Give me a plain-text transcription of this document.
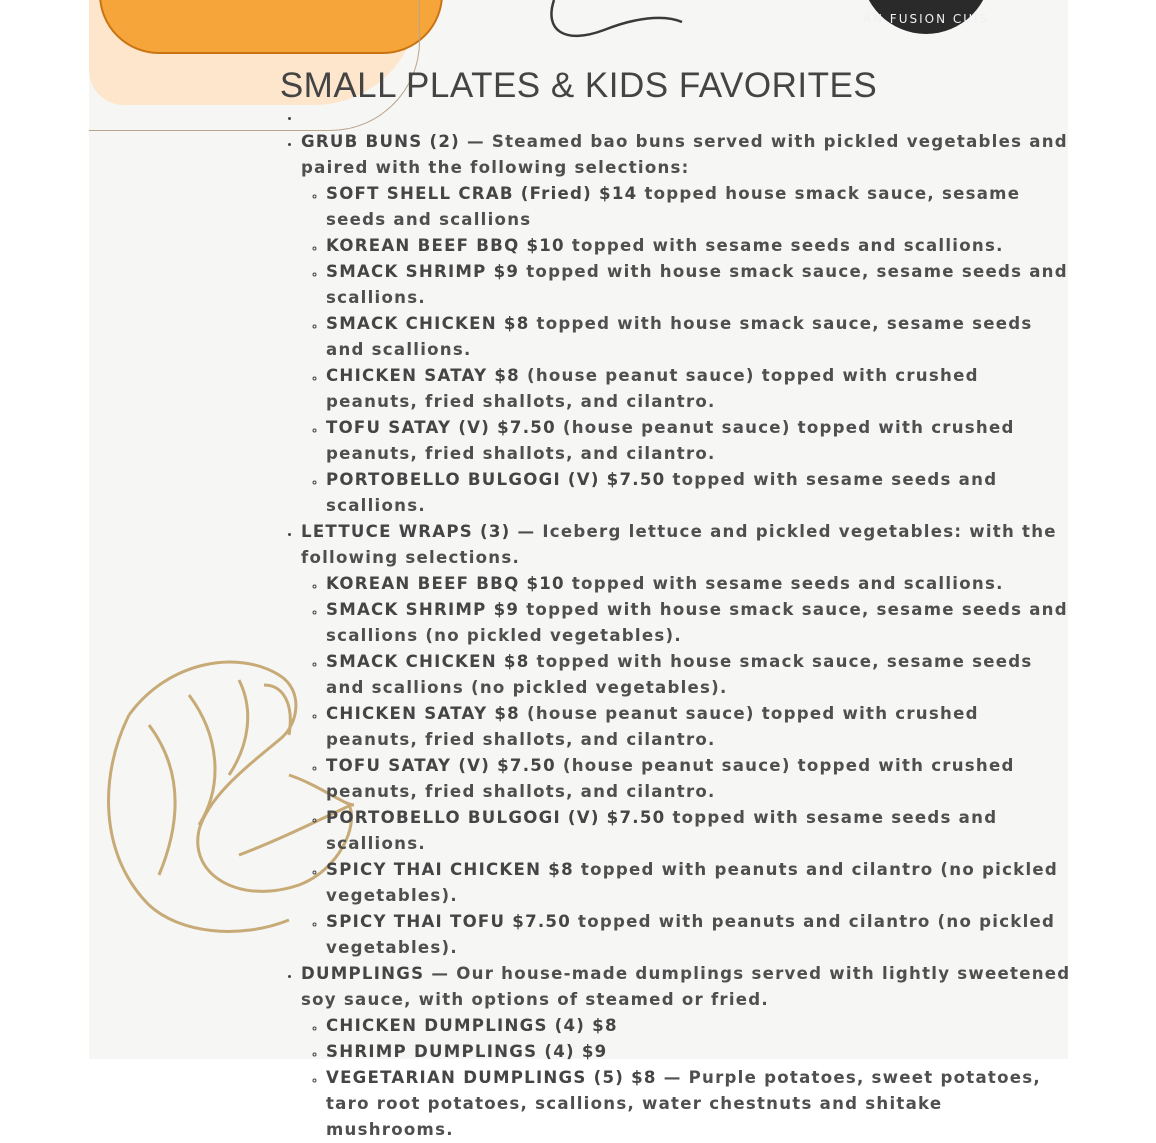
AN FUSION CUIS
SMALL PLATES & KIDS FAVORITES
•
• GRUB BUNS (2) — Steamed bao buns served with pickled vegetables and paired with the following selections:
◦ SOFT SHELL CRAB (Fried) $14 topped house smack sauce, sesame seeds and scallions
◦ KOREAN BEEF BBQ $10 topped with sesame seeds and scallions.
◦ SMACK SHRIMP $9 topped with house smack sauce, sesame seeds and scallions.
◦ SMACK CHICKEN $8 topped with house smack sauce, sesame seeds and scallions.
◦ CHICKEN SATAY $8 (house peanut sauce) topped with crushed peanuts, fried shallots, and cilantro.
◦ TOFU SATAY (V) $7.50 (house peanut sauce) topped with crushed peanuts, fried shallots, and cilantro.
◦ PORTOBELLO BULGOGI (V) $7.50 topped with sesame seeds and scallions.
• LETTUCE WRAPS (3) — Iceberg lettuce and pickled vegetables: with the following selections.
◦ KOREAN BEEF BBQ $10 topped with sesame seeds and scallions.
◦ SMACK SHRIMP $9 topped with house smack sauce, sesame seeds and scallions (no pickled vegetables).
◦ SMACK CHICKEN $8 topped with house smack sauce, sesame seeds and scallions (no pickled vegetables).
◦ CHICKEN SATAY $8 (house peanut sauce) topped with crushed peanuts, fried shallots, and cilantro.
◦ TOFU SATAY (V) $7.50 (house peanut sauce) topped with crushed peanuts, fried shallots, and cilantro.
◦ PORTOBELLO BULGOGI (V) $7.50 topped with sesame seeds and scallions.
◦ SPICY THAI CHICKEN $8 topped with peanuts and cilantro (no pickled vegetables).
◦ SPICY THAI TOFU $7.50 topped with peanuts and cilantro (no pickled vegetables).
• DUMPLINGS — Our house-made dumplings served with lightly sweetened soy sauce, with options of steamed or fried.
◦ CHICKEN DUMPLINGS (4) $8
◦ SHRIMP DUMPLINGS (4) $9
◦ VEGETARIAN DUMPLINGS (5) $8 — Purple potatoes, sweet potatoes, taro root potatoes, scallions, water chestnuts and shitake mushrooms.
